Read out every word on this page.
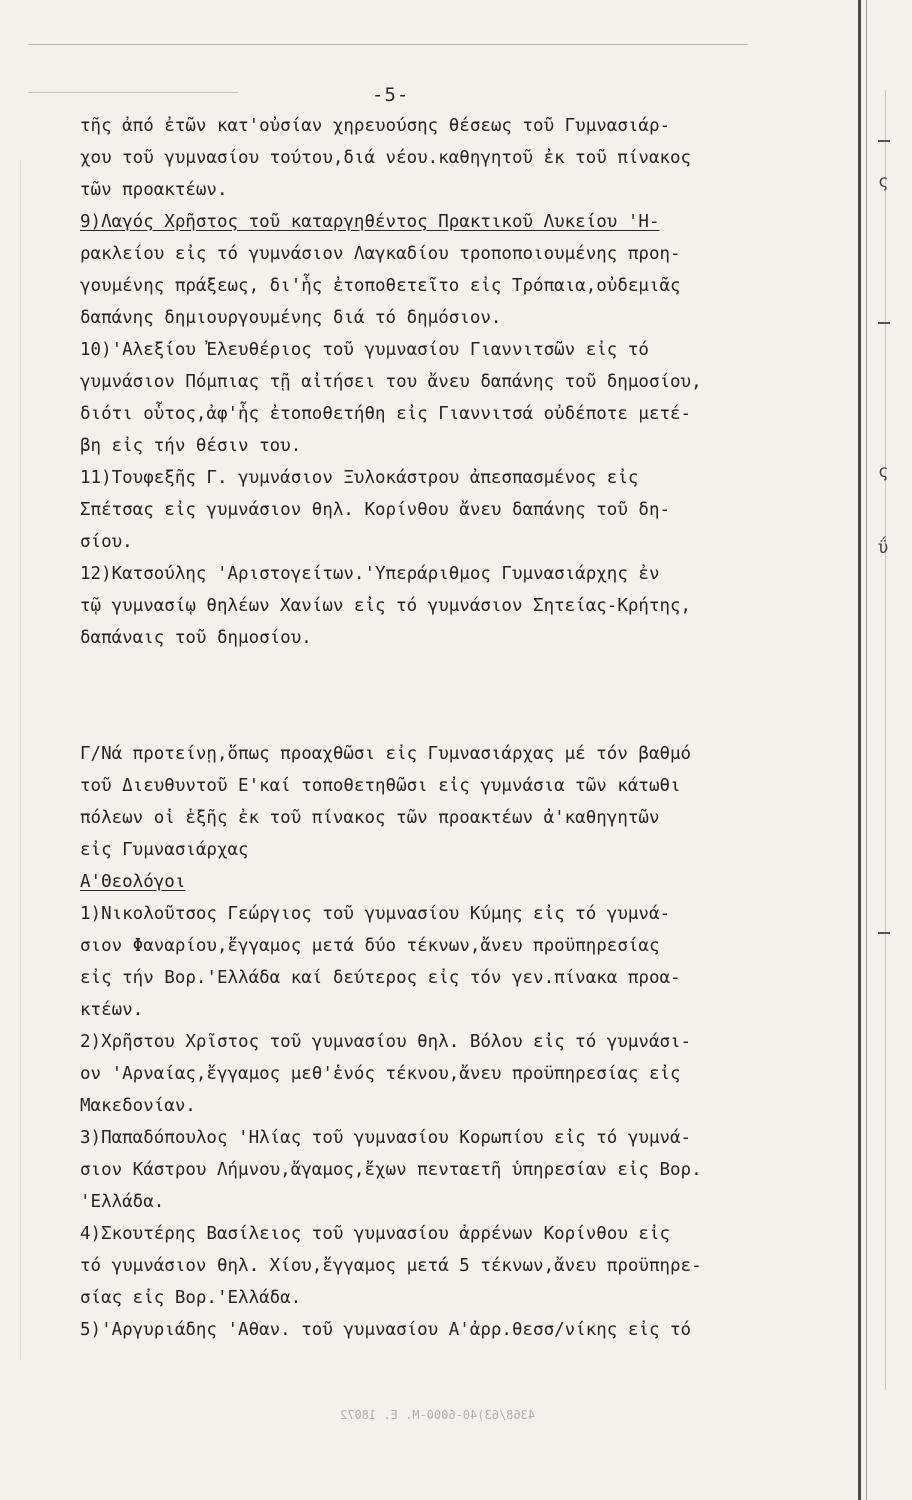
-5-
ς
ς
ΰ
τῆς ἀπό ἐτῶν κατ'οὐσίαν χηρευούσης θέσεως τοῦ Γυμνασιάρ-
χου τοῦ γυμνασίου τούτου,διά νέου.καθηγητοῦ ἐκ τοῦ πίνακος
τῶν προακτέων.
9)Λαγός Χρῆστος τοῦ καταργηθέντος Πρακτικοῦ Λυκείου 'Η-
ρακλείου εἰς τό γυμνάσιον Λαγκαδίου τροποποιουμένης προη-
γουμένης πράξεως, δι'ἧς ἐτοποθετεῖτο εἰς Τρόπαια,οὐδεμιᾶς
δαπάνης δημιουργουμένης διά τό δημόσιον.
10)'Αλεξίου Ἐλευθέριος τοῦ γυμνασίου Γιαννιτσῶν εἰς τό
γυμνάσιον Πόμπιας τῇ αἰτήσει του ἄνευ δαπάνης τοῦ δημοσίου,
διότι οὗτος,ἀφ'ἧς ἐτοποθετήθη εἰς Γιαννιτσά οὐδέποτε μετέ-
βη εἰς τήν θέσιν του.
11)Τουφεξῆς Γ. γυμνάσιον Ξυλοκάστρου ἀπεσπασμένος εἰς
Σπέτσας εἰς γυμνάσιον θηλ. Κορίνθου ἄνευ δαπάνης τοῦ δη-
σίου.
12)Κατσούλης 'Αριστογείτων.'Υπεράριθμος Γυμνασιάρχης ἐν
τῷ γυμνασίῳ θηλέων Χανίων εἰς τό γυμνάσιον Σητείας-Κρήτης,
δαπάναις τοῦ δημοσίου.
Γ/Νά προτείνῃ,ὅπως προαχθῶσι εἰς Γυμνασιάρχας μέ τόν βαθμό
τοῦ Διευθυντοῦ Ε'καί τοποθετηθῶσι εἰς γυμνάσια τῶν κάτωθι
πόλεων οἱ ἑξῆς ἐκ τοῦ πίνακος τῶν προακτέων ἀ'καθηγητῶν
εἰς Γυμνασιάρχας
Α'Θεολόγοι
1)Νικολοῦτσος Γεώργιος τοῦ γυμνασίου Κύμης εἰς τό γυμνά-
σιον Φαναρίου,ἔγγαμος μετά δύο τέκνων,ἄνευ προϋπηρεσίας
εἰς τήν Βορ.'Ελλάδα καί δεύτερος εἰς τόν γεν.πίνακα προα-
κτέων.
2)Χρῆστου Χρῖστος τοῦ γυμνασίου θηλ. Βόλου εἰς τό γυμνάσι-
ον 'Αρναίας,ἔγγαμος μεθ'ἑνός τέκνου,ἄνευ προϋπηρεσίας εἰς
Μακεδονίαν.
3)Παπαδόπουλος 'Ηλίας τοῦ γυμνασίου Κορωπίου εἰς τό γυμνά-
σιον Κάστρου Λήμνου,ἄγαμος,ἔχων πενταετῆ ὑπηρεσίαν εἰς Βορ.
'Ελλάδα.
4)Σκουτέρης Βασίλειος τοῦ γυμνασίου ἀρρένων Κορίνθου εἰς
τό γυμνάσιον θηλ. Χίου,ἔγγαμος μετά 5 τέκνων,ἄνευ προϋπηρε-
σίας εἰς Βορ.'Ελλάδα.
5)'Αργυριάδης 'Αθαν. τοῦ γυμνασίου Α'ἀρρ.θεσσ/νίκης εἰς τό
4368/63)40-6000-Μ. Ε. 18072
